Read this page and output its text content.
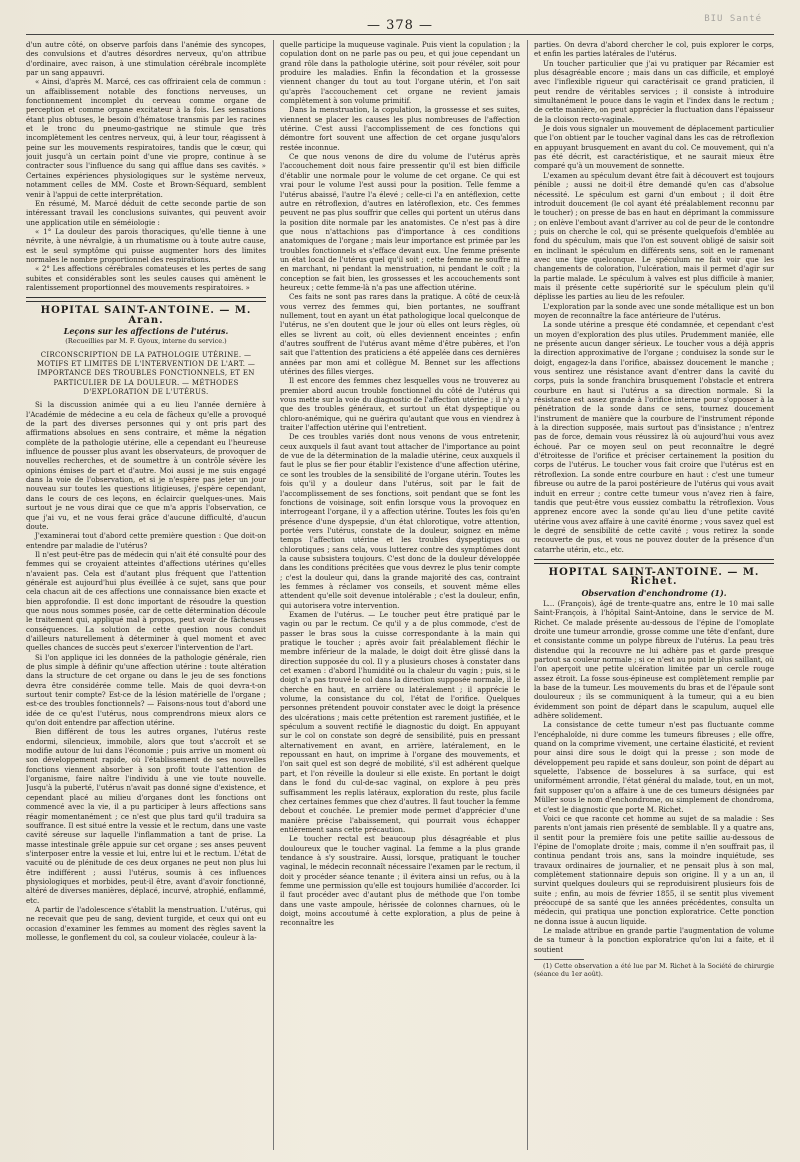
— 378 —	BIU Santé

d'un autre côté, on observe parfois dans l'anémie des syncopes, des convulsions et d'autres désordres nerveux, qu'on attribue d'ordinaire, avec raison, à une stimulation cérébrale incomplète par un sang appauvri.

« Ainsi, d'après M. Marcé, ces cas offriraient cela de commun : un affaiblissement notable des fonctions nerveuses, un fonctionnement incomplet du cerveau comme organe de perception et comme organe excitateur à la fois. Les sensations étant plus obtuses, le besoin d'hématose transmis par les racines et le tronc du pneumo-gastrique ne stimule que très incomplètement les centres nerveux, qui, à leur tour, réagissent à peine sur les mouvements respiratoires, tandis que le cœur, qui jouit jusqu'à un certain point d'une vie propre, continue à se contracter sous l'influence du sang qui afflue dans ses cavités. » Certaines expériences physiologiques sur le système nerveux, notamment celles de MM. Coste et Brown-Séquard, semblent venir à l'appui de cette interprétation.

En résumé, M. Marcé déduit de cette seconde partie de son intéressant travail les conclusions suivantes, qui peuvent avoir une application utile en séméiologie :

« 1° La douleur des parois thoraciques, qu'elle tienne à une névrite, à une névralgie, à un rhumatisme ou à toute autre cause, est le seul symptôme qui puisse augmenter hors des limites normales le nombre proportionnel des respirations.

« 2° Les affections cérébrales comateuses et les pertes de sang subites et considérables sont les seules causes qui amènent le ralentissement proportionnel des mouvements respiratoires. »

HOPITAL SAINT-ANTOINE. — M. Aran.
Leçons sur les affections de l'utérus.
(Recueillies par M. F. Gyoux, interne du service.)
CIRCONSCRIPTION DE LA PATHOLOGIE UTÉRINE. — MOTIFS ET LIMITES DE L'INTERVENTION DE L'ART. — IMPORTANCE DES TROUBLES FONCTIONNELS, ET EN PARTICULIER DE LA DOULEUR. — MÉTHODES D'EXPLORATION DE L'UTÉRUS.

Si la discussion animée qui a eu lieu l'année dernière à l'Académie de médecine a eu cela de fâcheux qu'elle a provoqué de la part des diverses personnes qui y ont pris part des affirmations absolues en sens contraire, et même la négation complète de la pathologie utérine, elle a cependant eu l'heureuse influence de pousser plus avant les observateurs, de provoquer de nouvelles recherches, et de soumettre à un contrôle sévère les opinions émises de part et d'autre. Moi aussi je me suis engagé dans la voie de l'observation, et si je n'espère pas jeter un jour nouveau sur toutes les questions litigieuses, j'espère cependant, dans le cours de ces leçons, en éclaircir quelques-unes. Mais surtout je ne vous dirai que ce que m'a appris l'observation, ce que j'ai vu, et ne vous ferai grâce d'aucune difficulté, d'aucun doute.

J'examinerai tout d'abord cette première question : Que doit-on entendre par maladie de l'utérus?

Il n'est peut-être pas de médecin qui n'ait été consulté pour des femmes qui se croyaient atteintes d'affections utérines qu'elles n'avaient pas. Cela est d'autant plus fréquent que l'attention générale est aujourd'hui plus éveillée à ce sujet, sans que pour cela chacun ait de ces affections une connaissance bien exacte et bien approfondie. Il est donc important de résoudre la question que nous nous sommes posée, car de cette détermination découle le traitement qui, appliqué mal à propos, peut avoir de fâcheuses conséquences. La solution de cette question nous conduit d'ailleurs naturellement à déterminer à quel moment et avec quelles chances de succès peut s'exercer l'intervention de l'art.

Si l'on applique ici les données de la pathologie générale, rien de plus simple à définir qu'une affection utérine : toute altération dans la structure de cet organe ou dans le jeu de ses fonctions devra être considérée comme telle. Mais de quoi devra-t-on surtout tenir compte? Est-ce de la lésion matérielle de l'organe ; est-ce des troubles fonctionnels? — Faisons-nous tout d'abord une idée de ce qu'est l'utérus, nous comprendrons mieux alors ce qu'on doit entendre par affection utérine.

Bien différent de tous les autres organes, l'utérus reste endormi, silencieux, immobile, alors que tout s'accroît et se modifie autour de lui dans l'économie ; puis arrive un moment où son développement rapide, où l'établissement de ses nouvelles fonctions viennent absorber à son profit toute l'attention de l'organisme, faire naître l'individu à une vie toute nouvelle. Jusqu'à la puberté, l'utérus n'avait pas donné signe d'existence, et cependant placé au milieu d'organes dont les fonctions ont commencé avec la vie, il a pu participer à leurs affections sans réagir momentanément ; ce n'est que plus tard qu'il traduira sa souffrance. Il est situé entre la vessie et le rectum, dans une vaste cavité séreuse sur laquelle l'inflammation a tant de prise. La masse intestinale grêle appuie sur cet organe ; ses anses peuvent s'interposer entre la vessie et lui, entre lui et le rectum. L'état de vacuité ou de plénitude de ces deux organes ne peut non plus lui être indifférent ; aussi l'utérus, soumis à ces influences physiologiques et morbides, peut-il être, avant d'avoir fonctionné, altéré de diverses manières, déplacé, incurvé, atrophié, enflammé, etc.

A partir de l'adolescence s'établit la menstruation. L'utérus, qui ne recevait que peu de sang, devient turgide, et ceux qui ont eu occasion d'examiner les femmes au moment des règles savent la mollesse, le gonflement du col, sa couleur violacée, couleur à la-

quelle participe la muqueuse vaginale. Puis vient la copulation ; la copulation dont on ne parle pas ou peu, et qui joue cependant un grand rôle dans la pathologie utérine, soit pour révéler, soit pour produire les maladies. Enfin la fécondation et la grossesse viennent changer du tout au tout l'organe utérin, et l'on sait qu'après l'accouchement cet organe ne revient jamais complètement à son volume primitif.

Dans la menstruation, la copulation, la grossesse et ses suites, viennent se placer les causes les plus nombreuses de l'affection utérine. C'est aussi l'accomplissement de ces fonctions qui démontre fort souvent une affection de cet organe jusqu'alors restée inconnue.

Ce que nous venons de dire du volume de l'utérus après l'accouchement doit nous faire pressentir qu'il est bien difficile d'établir une normale pour le volume de cet organe. Ce qui est vrai pour le volume l'est aussi pour la position. Telle femme a l'utérus abaissé, l'autre l'a élevé ; celle-ci l'a en antéflexion, cette autre en rétroflexion, d'autres en latéroflexion, etc. Ces femmes peuvent ne pas plus souffrir que celles qui portent un utérus dans la position dite normale par les anatomistes. Ce n'est pas à dire que nous n'attachions pas d'importance à ces conditions anatomiques de l'organe ; mais leur importance est primée par les troubles fonctionnels et s'efface devant eux. Une femme présente un état local de l'utérus quel qu'il soit ; cette femme ne souffre ni en marchant, ni pendant la menstruation, ni pendant le coït ; la conception se fait bien, les grossesses et les accouchements sont heureux ; cette femme-là n'a pas une affection utérine.

Ces faits ne sont pas rares dans la pratique. A côté de ceux-là vous verrez des femmes qui, bien portantes, ne souffrant nullement, tout en ayant un état pathologique local quelconque de l'utérus, ne s'en doutent que le jour où elles ont leurs règles, où elles se livrent au coït, où elles deviennent enceintes ; enfin d'autres souffrent de l'utérus avant même d'être pubères, et l'on sait que l'attention des praticiens a été appelée dans ces dernières années par mon ami et collègue M. Bennet sur les affections utérines des filles vierges.

Il est encore des femmes chez lesquelles vous ne trouverez au premier abord aucun trouble fonctionnel du côté de l'utérus qui vous mette sur la voie du diagnostic de l'affection utérine ; il n'y a que des troubles généraux, et surtout un état dyspeptique ou chloro-anémique, qui ne guérira qu'autant que vous en viendrez à traiter l'affection utérine qui l'entretient.

De ces troubles variés dont nous venons de vous entretenir, ceux auxquels il faut avant tout attacher de l'importance au point de vue de la détermination de la maladie utérine, ceux auxquels il faut le plus se fier pour établir l'existence d'une affection utérine, ce sont les troubles de la sensibilité de l'organe utérin. Toutes les fois qu'il y a douleur dans l'utérus, soit par le fait de l'accomplissement de ses fonctions, soit pendant que se font les fonctions de voisinage, soit enfin lorsque vous la provoquez en interrogeant l'organe, il y a affection utérine. Toutes les fois qu'en présence d'une dyspepsie, d'un état chlorotique, votre attention, portée vers l'utérus, constate de la douleur, soignez en même temps l'affection utérine et les troubles dyspeptiques ou chlorotiques ; sans cela, vous lutterez contre des symptômes dont la cause subsistera toujours. C'est donc de la douleur développée dans les conditions précitées que vous devrez le plus tenir compte ; c'est la douleur qui, dans la grande majorité des cas, contraint les femmes à réclamer vos conseils, et souvent même elles attendent qu'elle soit devenue intolérable ; c'est la douleur, enfin, qui autorisera votre intervention.

Examen de l'utérus. — Le toucher peut être pratiqué par le vagin ou par le rectum. Ce qu'il y a de plus commode, c'est de passer le bras sous la cuisse correspondante à la main qui pratique le toucher ; après avoir fait préalablement fléchir le membre inférieur de la malade, le doigt doit être glissé dans la direction supposée du col. Il y a plusieurs choses à constater dans cet examen : d'abord l'humidité ou la chaleur du vagin ; puis, si le doigt n'a pas trouvé le col dans la direction supposée normale, il le cherche en haut, en arrière ou latéralement ; il apprécie le volume, la consistance du col, l'état de l'orifice. Quelques personnes prétendent pouvoir constater avec le doigt la présence des ulcérations ; mais cette prétention est rarement justifiée, et le spéculum a souvent rectifié le diagnostic du doigt. En appuyant sur le col on constate son degré de sensibilité, puis en pressant alternativement en avant, en arrière, latéralement, en le repoussant en haut, on imprime à l'organe des mouvements, et l'on sait quel est son degré de mobilité, s'il est adhérent quelque part, et l'on réveille la douleur si elle existe. En portant le doigt dans le fond du cul-de-sac vaginal, on explore à peu près suffisamment les replis latéraux, exploration du reste, plus facile chez certaines femmes que chez d'autres. Il faut toucher la femme debout et couchée. Le premier mode permet d'apprécier d'une manière précise l'abaissement, qui pourrait vous échapper entièrement sans cette précaution.

Le toucher rectal est beaucoup plus désagréable et plus douloureux que le toucher vaginal. La femme a la plus grande tendance à s'y soustraire. Aussi, lorsque, pratiquant le toucher vaginal, le médecin reconnaît nécessaire l'examen par le rectum, il doit y procéder séance tenante ; il évitera ainsi un refus, ou à la femme une permission qu'elle est toujours humiliée d'accorder. Ici il faut procéder avec d'autant plus de méthode que l'on tombe dans une vaste ampoule, hérissée de colonnes charnues, où le doigt, moins accoutumé à cette exploration, a plus de peine à reconnaître les

parties. On devra d'abord chercher le col, puis explorer le corps, et enfin les parties latérales de l'utérus.

Un toucher particulier que j'ai vu pratiquer par Récamier est plus désagréable encore ; mais dans un cas difficile, et employé avec l'inflexible rigueur qui caractérisait ce grand praticien, il peut rendre de véritables services ; il consiste à introduire simultanément le pouce dans le vagin et l'index dans le rectum ; de cette manière, on peut apprécier la fluctuation dans l'épaisseur de la cloison recto-vaginale.

Je dois vous signaler un mouvement de déplacement particulier que l'on obtient par le toucher vaginal dans les cas de rétroflexion en appuyant brusquement en avant du col. Ce mouvement, qui n'a pas été décrit, est caractéristique, et ne saurait mieux être comparé qu'à un mouvement de sonnette.

L'examen au spéculum devant être fait à découvert est toujours pénible ; aussi ne doit-il être demandé qu'en cas d'absolue nécessité. Le spéculum est garni d'un embout ; il doit être introduit doucement (le col ayant été préalablement reconnu par le toucher) ; on presse de bas en haut en déprimant la commissure ; on enlève l'embout avant d'arriver au col de peur de le contondre ; puis on cherche le col, qui se présente quelquefois d'emblée au fond du spéculum, mais que l'on est souvent obligé de saisir soit en inclinant le spéculum en différents sens, soit en le ramenant avec une tige quelconque. Le spéculum ne fait voir que les changements de coloration, l'ulcération, mais il permet d'agir sur la partie malade. Le spéculum à valves est plus difficile à manier, mais il présente cette supériorité sur le spéculum plein qu'il déplisse les parties au lieu de les refouler.

L'exploration par la sonde avec une sonde métallique est un bon moyen de reconnaître la face antérieure de l'utérus.

La sonde utérine a presque été condamnée, et cependant c'est un moyen d'exploration des plus utiles. Prudemment maniée, elle ne présente aucun danger sérieux. Le toucher vous a déjà appris la direction approximative de l'organe ; conduisez la sonde sur le doigt, engagez-la dans l'orifice, abaissez doucement le manche ; vous sentirez une résistance avant d'entrer dans la cavité du corps, puis la sonde franchira brusquement l'obstacle et entrera courbure en haut si l'utérus a sa direction normale. Si la résistance est assez grande à l'orifice interne pour s'opposer à la pénétration de la sonde dans ce sens, tournez doucement l'instrument de manière que la courbure de l'instrument réponde à la direction supposée, mais surtout pas d'insistance ; n'entrez pas de force, demain vous réussirez là où aujourd'hui vous avez échoué. Par ce moyen seul on peut reconnaître le degré d'étroitesse de l'orifice et préciser certainement la position du corps de l'utérus. Le toucher vous fait croire que l'utérus est en rétroflexion. La sonde entre courbure en haut : c'est une tumeur fibreuse ou autre de la paroi postérieure de l'utérus qui vous avait induit en erreur ; contre cette tumeur vous n'avez rien à faire, tandis que peut-être vous eussiez combattu la rétroflexion. Vous apprenez encore avec la sonde qu'au lieu d'une petite cavité utérine vous avez affaire à une cavité énorme ; vous savez quel est le degré de sensibilité de cette cavité ; vous retirez la sonde recouverte de pus, et vous ne pouvez douter de la présence d'un catarrhe utérin, etc., etc.

HOPITAL SAINT-ANTOINE. — M. Richet.
Observation d'enchondrome (1).

L... (François), âgé de trente-quatre ans, entre le 10 mai salle Saint-François, à l'hôpital Saint-Antoine, dans le service de M. Richet. Ce malade présente au-dessous de l'épine de l'omoplate droite une tumeur arrondie, grosse comme une tête d'enfant, dure et consistante comme un polype fibreux de l'utérus. La peau très distendue qui la recouvre ne lui adhère pas et garde presque partout sa couleur normale ; si ce n'est au point le plus saillant, où l'on aperçoit une petite ulcération limitée par un cercle rouge assez étroit. La fosse sous-épineuse est complètement remplie par la base de la tumeur. Les mouvements du bras et de l'épaule sont douloureux ; ils se communiquent à la tumeur, qui a eu bien évidemment son point de départ dans le scapulum, auquel elle adhère solidement.

La consistance de cette tumeur n'est pas fluctuante comme l'encéphaloïde, ni dure comme les tumeurs fibreuses ; elle offre, quand on la comprime vivement, une certaine élasticité, et revient pour ainsi dire sous le doigt qui la presse ; son mode de développement peu rapide et sans douleur, son point de départ au squelette, l'absence de bosselures à sa surface, qui est uniformément arrondie, l'état général du malade, tout, en un mot, fait supposer qu'on a affaire à une de ces tumeurs désignées par Müller sous le nom d'enchondrome, ou simplement de chondroma, et c'est le diagnostic que porte M. Richet.

Voici ce que raconte cet homme au sujet de sa maladie : Ses parents n'ont jamais rien présenté de semblable. Il y a quatre ans, il sentit pour la première fois une petite saillie au-dessous de l'épine de l'omoplate droite ; mais, comme il n'en souffrait pas, il continua pendant trois ans, sans la moindre inquiétude, ses travaux ordinaires de journalier, et ne pensait plus à son mal, complètement stationnaire depuis son origine. Il y a un an, il survint quelques douleurs qui se reproduisirent plusieurs fois de suite ; enfin, au mois de février 1855, il se sentit plus vivement préoccupé de sa santé que les années précédentes, consulta un médecin, qui pratiqua une ponction exploratrice. Cette ponction ne donna issue à aucun liquide.

Le malade attribue en grande partie l'augmentation de volume de sa tumeur à la ponction exploratrice qu'on lui a faite, et il soutient

(1) Cette observation a été lue par M. Richet à la Société de chirurgie (séance du 1er août).
